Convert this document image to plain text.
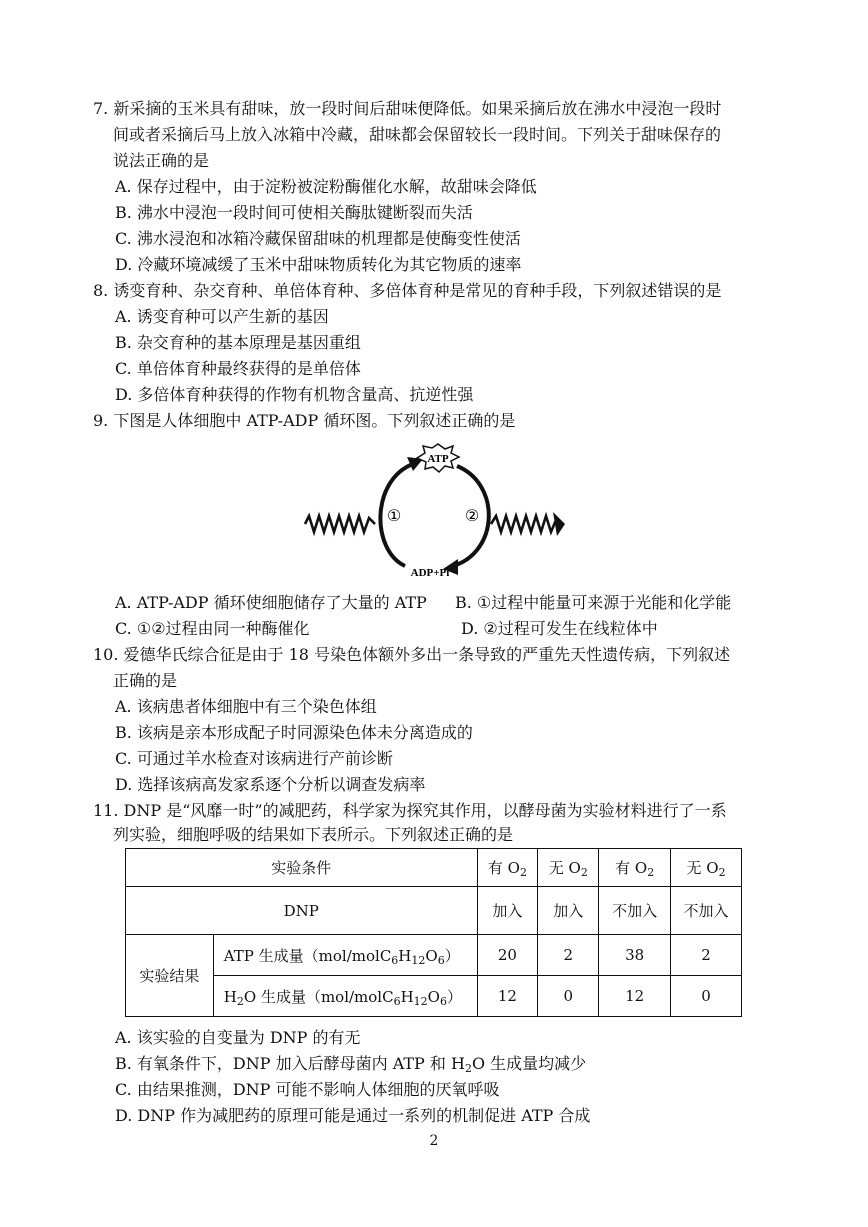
7. 新采摘的玉米具有甜味，放一段时间后甜味便降低。如果采摘后放在沸水中浸泡一段时
间或者采摘后马上放入冰箱中冷藏，甜味都会保留较长一段时间。下列关于甜味保存的
说法正确的是
A. 保存过程中，由于淀粉被淀粉酶催化水解，故甜味会降低
B. 沸水中浸泡一段时间可使相关酶肽键断裂而失活
C. 沸水浸泡和冰箱冷藏保留甜味的机理都是使酶变性使活
D. 冷藏环境减缓了玉米中甜味物质转化为其它物质的速率
8. 诱变育种、杂交育种、单倍体育种、多倍体育种是常见的育种手段，下列叙述错误的是
A. 诱变育种可以产生新的基因
B. 杂交育种的基本原理是基因重组
C. 单倍体育种最终获得的是单倍体
D. 多倍体育种获得的作物有机物含量高、抗逆性强
9. 下图是人体细胞中 ATP-ADP 循环图。下列叙述正确的是
ATP
①	②
ADP+Pi
A. ATP-ADP 循环使细胞储存了大量的 ATP B. ①过程中能量可来源于光能和化学能
C. ①②过程由同一种酶催化	D. ②过程可发生在线粒体中
10. 爱德华氏综合征是由于 18 号染色体额外多出一条导致的严重先天性遗传病，下列叙述
正确的是
A. 该病患者体细胞中有三个染色体组
B. 该病是亲本形成配子时同源染色体未分离造成的
C. 可通过羊水检查对该病进行产前诊断
D. 选择该病高发家系逐个分析以调查发病率
11. DNP 是“风靡一时”的减肥药，科学家为探究其作用，以酵母菌为实验材料进行了一系
列实验，细胞呼吸的结果如下表所示。下列叙述正确的是
实验条件		有 $O_2$	无 $O_2$	有 $O_2$	无 $O_2$
DNP		加入	加入	不加入	不加入
实验结果	ATP 生成量$(mol/molC_6H_{12}O_6)$	20	2	38	2
	$H_2O$ 生成量$(mol/molC_6H_{12}O_6)$	12	0	12	0
A. 该实验的自变量为 DNP 的有无
B. 有氧条件下，DNP 加入后酵母菌内 ATP 和 $H_2O$ 生成量均减少
C. 由结果推测，DNP 可能不影响人体细胞的厌氧呼吸
D. DNP 作为减肥药的原理可能是通过一系列的机制促进 ATP 合成
2
